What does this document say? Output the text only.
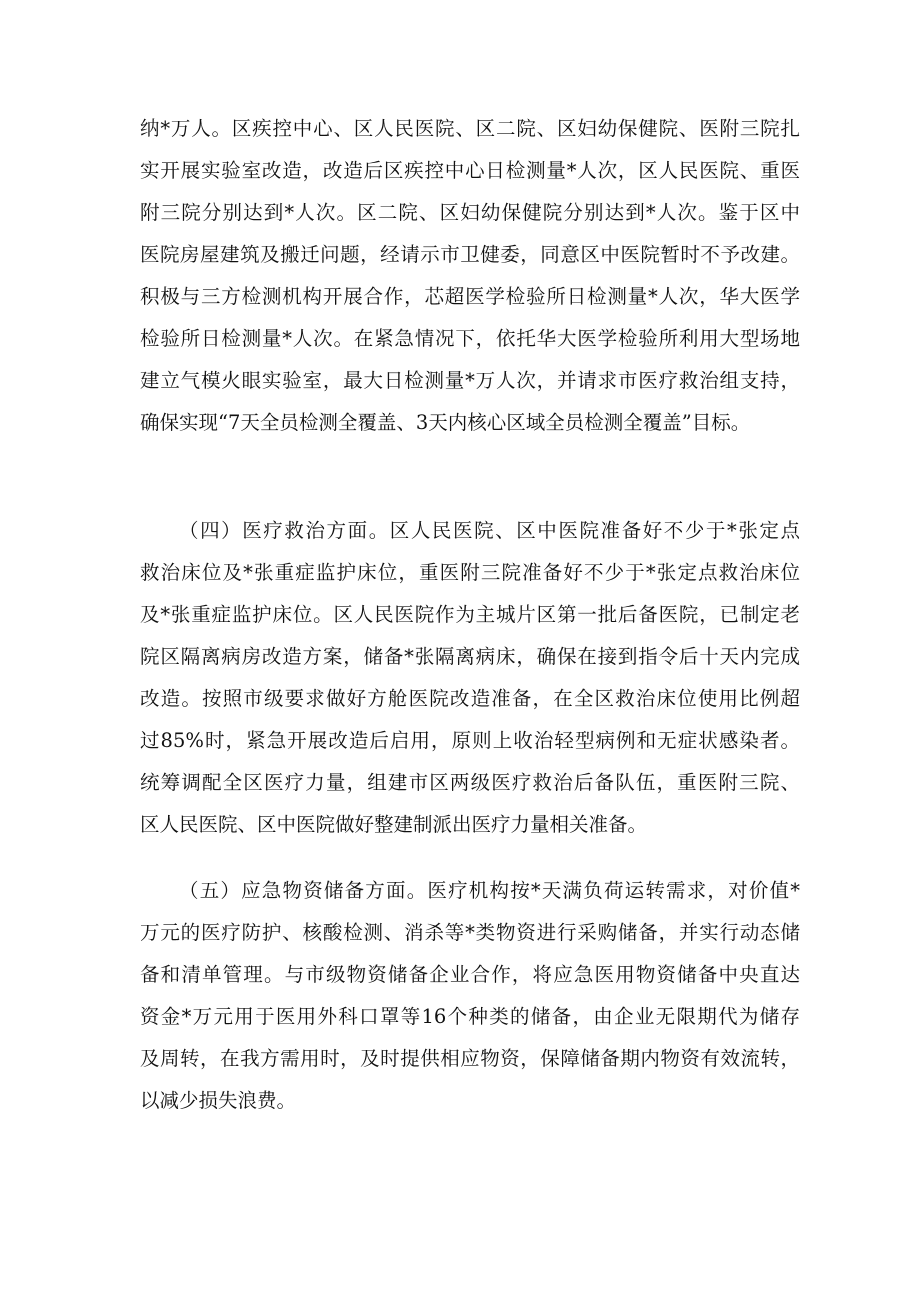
纳*万人。区疾控中心、区人民医院、区二院、区妇幼保健院、医附三院扎
实开展实验室改造，改造后区疾控中心日检测量*人次，区人民医院、重医
附三院分别达到*人次。区二院、区妇幼保健院分别达到*人次。鉴于区中
医院房屋建筑及搬迁问题，经请示市卫健委，同意区中医院暂时不予改建。
积极与三方检测机构开展合作，芯超医学检验所日检测量*人次，华大医学
检验所日检测量*人次。在紧急情况下，依托华大医学检验所利用大型场地
建立气模火眼实验室，最大日检测量*万人次，并请求市医疗救治组支持，
确保实现“7天全员检测全覆盖、3天内核心区域全员检测全覆盖”目标。
（四）医疗救治方面。区人民医院、区中医院准备好不少于*张定点
救治床位及*张重症监护床位，重医附三院准备好不少于*张定点救治床位
及*张重症监护床位。区人民医院作为主城片区第一批后备医院，已制定老
院区隔离病房改造方案，储备*张隔离病床，确保在接到指令后十天内完成
改造。按照市级要求做好方舱医院改造准备，在全区救治床位使用比例超
过85%时，紧急开展改造后启用，原则上收治轻型病例和无症状感染者。
统筹调配全区医疗力量，组建市区两级医疗救治后备队伍，重医附三院、
区人民医院、区中医院做好整建制派出医疗力量相关准备。
（五）应急物资储备方面。医疗机构按*天满负荷运转需求，对价值*
万元的医疗防护、核酸检测、消杀等*类物资进行采购储备，并实行动态储
备和清单管理。与市级物资储备企业合作，将应急医用物资储备中央直达
资金*万元用于医用外科口罩等16个种类的储备，由企业无限期代为储存
及周转，在我方需用时，及时提供相应物资，保障储备期内物资有效流转，
以减少损失浪费。
